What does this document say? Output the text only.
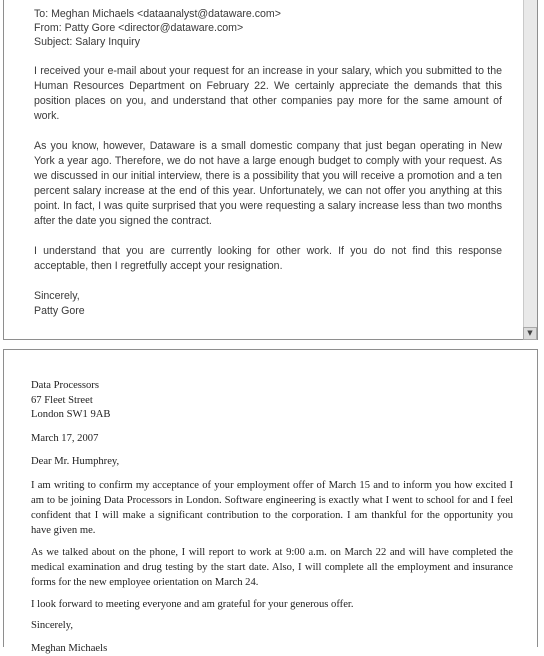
To: Meghan Michaels <dataanalyst@dataware.com>
From: Patty Gore <director@dataware.com>
Subject: Salary Inquiry

I received your e-mail about your request for an increase in your salary, which you submitted to the Human Resources Department on February 22. We certainly appreciate the demands that this position places on you, and understand that other companies pay more for the same amount of work.

As you know, however, Dataware is a small domestic company that just began operating in New York a year ago. Therefore, we do not have a large enough budget to comply with your request. As we discussed in our initial interview, there is a possibility that you will receive a promotion and a ten percent salary increase at the end of this year. Unfortunately, we can not offer you anything at this point. In fact, I was quite surprised that you were requesting a salary increase less than two months after the date you signed the contract.

I understand that you are currently looking for other work. If you do not find this response acceptable, then I regretfully accept your resignation.

Sincerely,
Patty Gore
▼
Data Processors
67 Fleet Street
London SW1 9AB
March 17, 2007
Dear Mr. Humphrey,

I am writing to confirm my acceptance of your employment offer of March 15 and to inform you how excited I am to be joining Data Processors in London. Software engineering is exactly what I went to school for and I feel confident that I will make a significant contribution to the corporation. I am thankful for the opportunity you have given me.

As we talked about on the phone, I will report to work at 9:00 a.m. on March 22 and will have completed the medical examination and drug testing by the start date. Also, I will complete all the employment and insurance forms for the new employee orientation on March 24.

I look forward to meeting everyone and am grateful for your generous offer.

Sincerely,
Meghan Michaels
